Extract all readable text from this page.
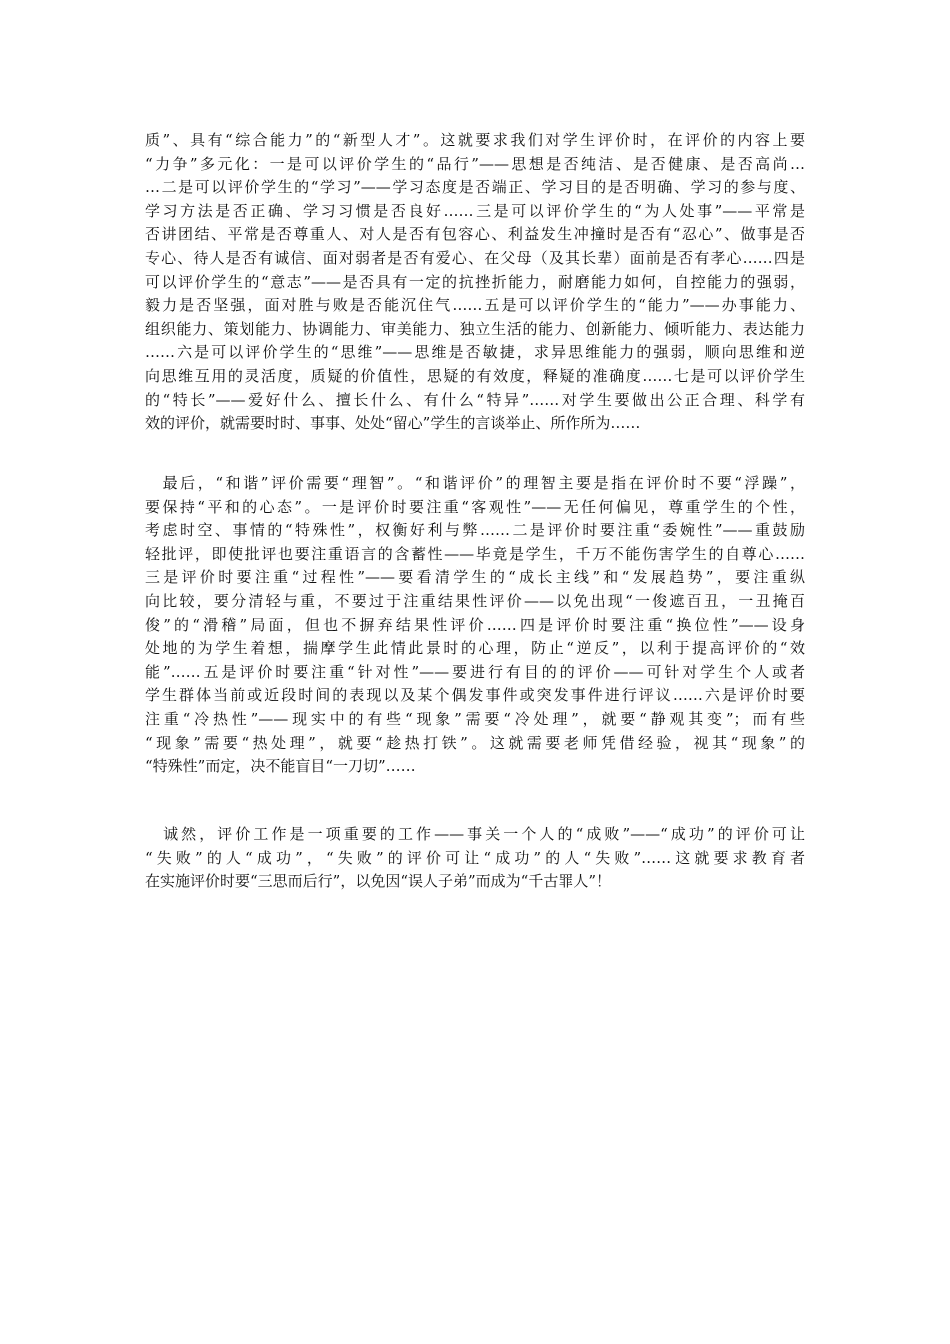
质”、具有“综合能力”的“新型人才”。这就要求我们对学生评价时，在评价的内容上要
“力争”多元化：一是可以评价学生的“品行”——思想是否纯洁、是否健康、是否高尚…
…二是可以评价学生的“学习”——学习态度是否端正、学习目的是否明确、学习的参与度、
学习方法是否正确、学习习惯是否良好……三是可以评价学生的“为人处事”——平常是
否讲团结、平常是否尊重人、对人是否有包容心、利益发生冲撞时是否有“忍心”、做事是否
专心、待人是否有诚信、面对弱者是否有爱心、在父母（及其长辈）面前是否有孝心……四是
可以评价学生的“意志”——是否具有一定的抗挫折能力，耐磨能力如何，自控能力的强弱，
毅力是否坚强，面对胜与败是否能沉住气……五是可以评价学生的“能力”——办事能力、
组织能力、策划能力、协调能力、审美能力、独立生活的能力、创新能力、倾听能力、表达能力
……六是可以评价学生的“思维”——思维是否敏捷，求异思维能力的强弱，顺向思维和逆
向思维互用的灵活度，质疑的价值性，思疑的有效度，释疑的准确度……七是可以评价学生
的“特长”——爱好什么、擅长什么、有什么“特异”……对学生要做出公正合理、科学有
效的评价，就需要时时、事事、处处“留心”学生的言谈举止、所作所为……
　最后，“和谐”评价需要“理智”。“和谐评价”的理智主要是指在评价时不要“浮躁”，
要保持“平和的心态”。一是评价时要注重“客观性”——无任何偏见，尊重学生的个性，
考虑时空、事情的“特殊性”，权衡好利与弊……二是评价时要注重“委婉性”——重鼓励
轻批评，即使批评也要注重语言的含蓄性——毕竟是学生，千万不能伤害学生的自尊心……
三是评价时要注重“过程性”——要看清学生的“成长主线”和“发展趋势”，要注重纵
向比较，要分清轻与重，不要过于注重结果性评价——以免出现“一俊遮百丑，一丑掩百
俊”的“滑稽”局面，但也不摒弃结果性评价……四是评价时要注重“换位性”——设身
处地的为学生着想，揣摩学生此情此景时的心理，防止“逆反”，以利于提高评价的“效
能”……五是评价时要注重“针对性”——要进行有目的的评价——可针对学生个人或者
学生群体当前或近段时间的表现以及某个偶发事件或突发事件进行评议……六是评价时要
注重“冷热性”——现实中的有些“现象”需要“冷处理”，就要“静观其变”；而有些
“现象”需要“热处理”，就要“趁热打铁”。这就需要老师凭借经验，视其“现象”的
“特殊性”而定，决不能盲目“一刀切”……
　诚然，评价工作是一项重要的工作——事关一个人的“成败”——“成功”的评价可让
“失败”的人“成功”，“失败”的评价可让“成功”的人“失败”……这就要求教育者
在实施评价时要“三思而后行”，以免因“误人子弟”而成为“千古罪人”！
